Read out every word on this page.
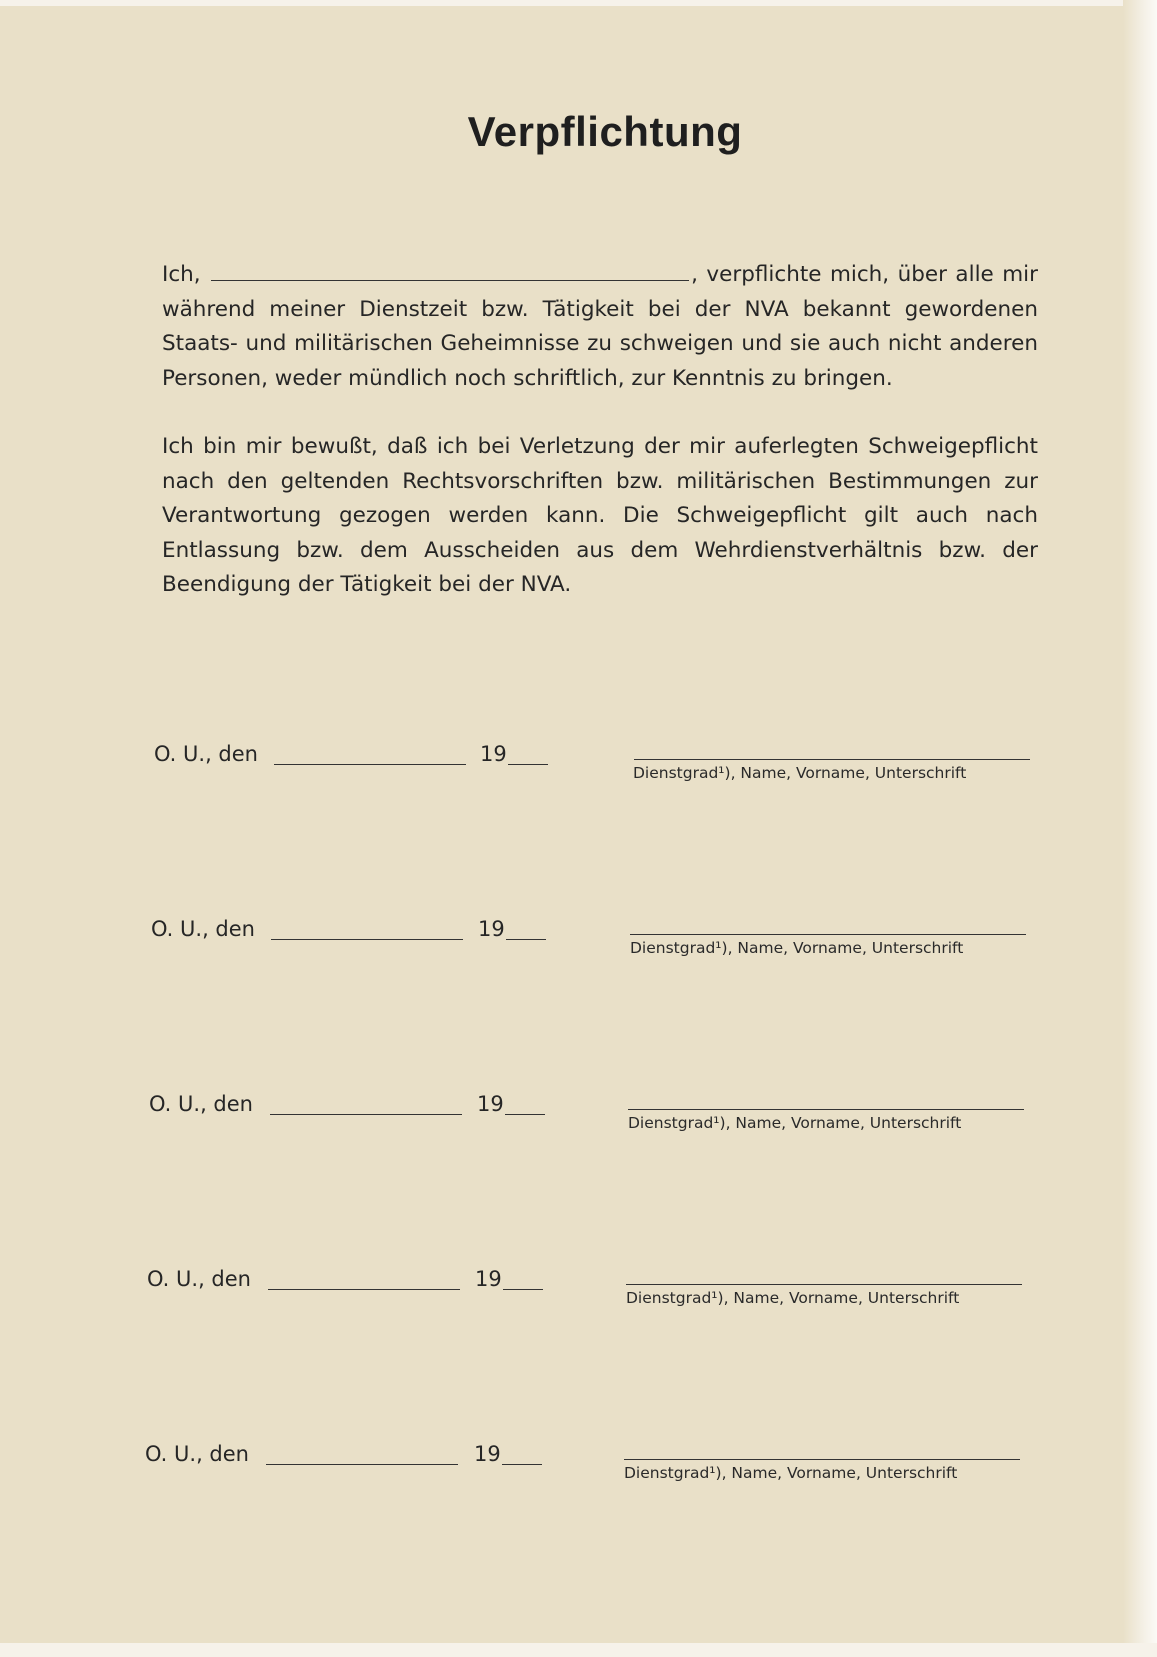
Verpflichtung
Ich,	, verpflichte mich, über alle mir während meiner Dienstzeit bzw. Tätigkeit bei der NVA bekannt gewordenen Staats- und militärischen Geheimnisse zu schweigen und sie auch nicht anderen Personen, weder mündlich noch schriftlich, zur Kenntnis zu bringen.
Ich bin mir bewußt, daß ich bei Verletzung der mir auferlegten Schweigepflicht nach den geltenden Rechtsvorschriften bzw. militärischen Bestimmungen zur Verantwortung gezogen werden kann. Die Schweigepflicht gilt auch nach Entlassung bzw. dem Ausscheiden aus dem Wehrdienstverhältnis bzw. der Beendigung der Tätigkeit bei der NVA.
O. U., den	19
Dienstgrad¹), Name, Vorname, Unterschrift
O. U., den	19
Dienstgrad¹), Name, Vorname, Unterschrift
O. U., den	19
Dienstgrad¹), Name, Vorname, Unterschrift
O. U., den	19
Dienstgrad¹), Name, Vorname, Unterschrift
O. U., den	19
Dienstgrad¹), Name, Vorname, Unterschrift
